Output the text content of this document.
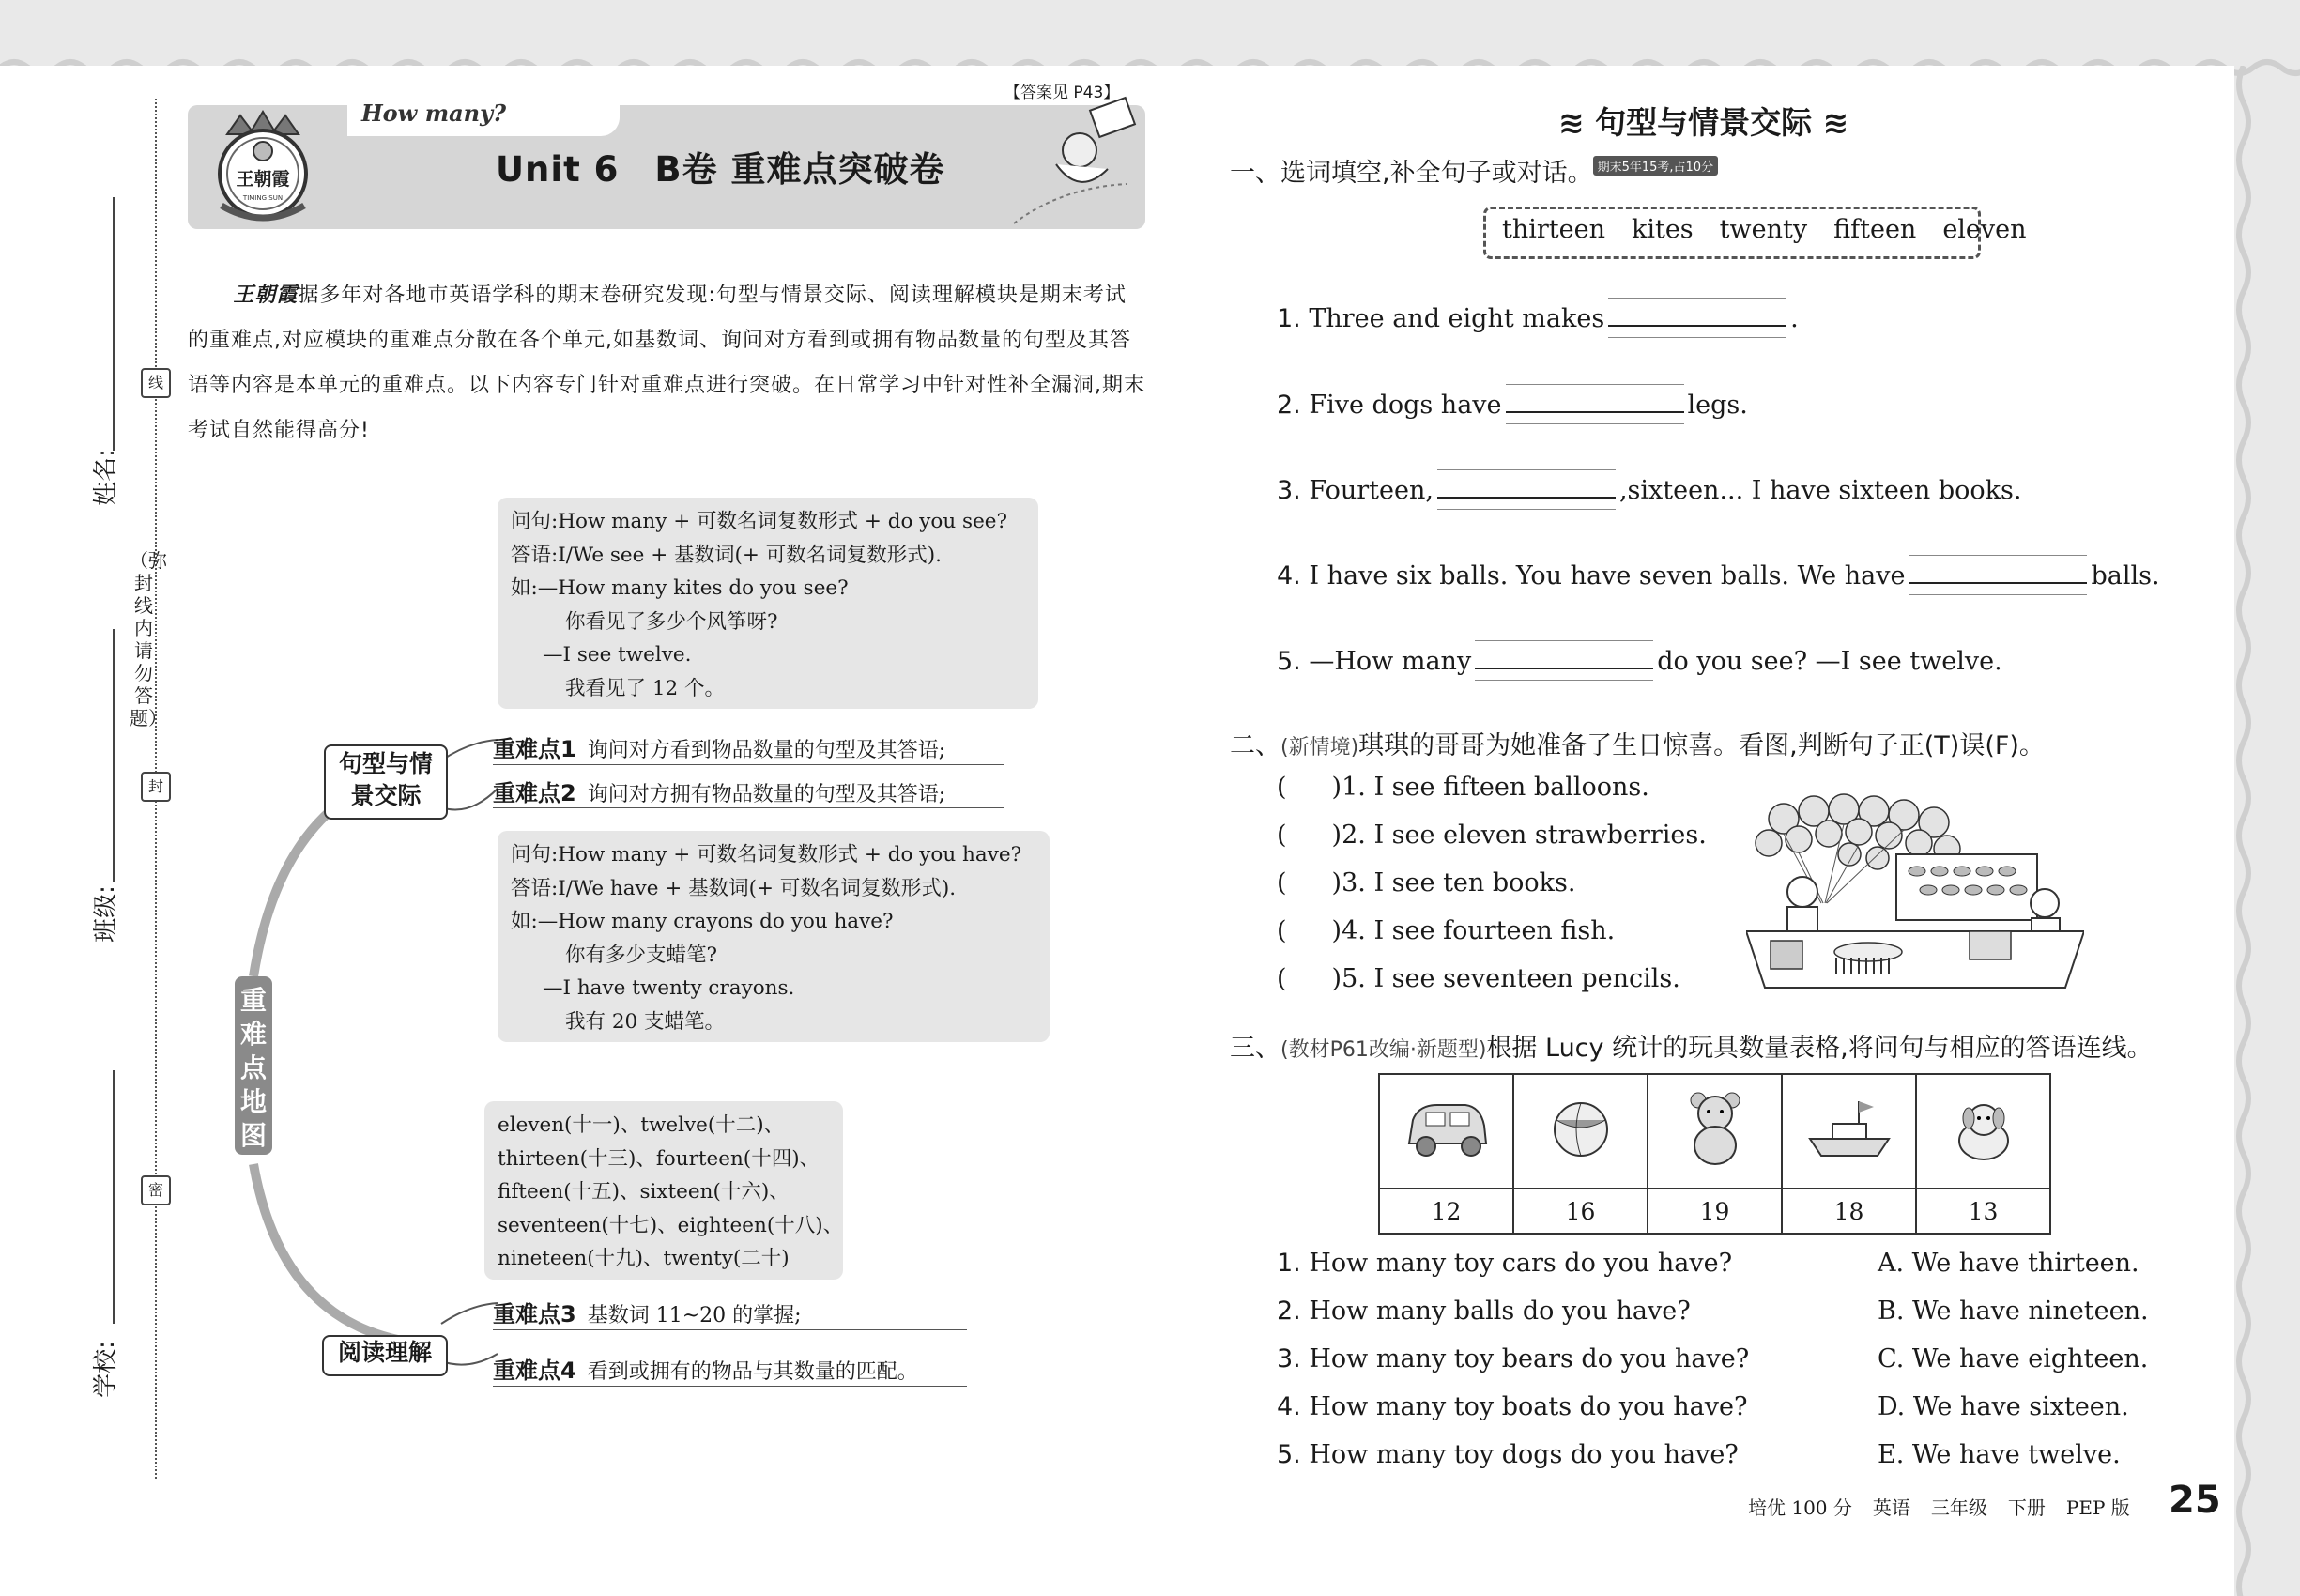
姓名:
班级:
学校:
线
封
密
（弥封线内请勿答题）
【答案见 P43】
How many?
王朝霞
TIMING SUN
Unit 6　B卷 重难点突破卷
王朝霞据多年对各地市英语学科的期末卷研究发现:句型与情景交际、阅读理解模块是期末考试的重难点,对应模块的重难点分散在各个单元,如基数词、询问对方看到或拥有物品数量的句型及其答语等内容是本单元的重难点。以下内容专门针对重难点进行突破。在日常学习中针对性补全漏洞,期末考试自然能得高分!

问句:How many + 可数名词复数形式 + do you see?

答语:I/We see + 基数词(+ 可数名词复数形式).

如:—How many kites do you see?

你看见了多少个风筝呀?

—I see twelve.

我看见了 12 个。

句型与情景交际
重难点1 询问对方看到物品数量的句型及其答语;
重难点2 询问对方拥有物品数量的句型及其答语;

问句:How many + 可数名词复数形式 + do you have?

答语:I/We have + 基数词(+ 可数名词复数形式).

如:—How many crayons do you have?

你有多少支蜡笔?

—I have twenty crayons.

我有 20 支蜡笔。

重难点地图	eleven(十一)、twelve(十二)、

thirteen(十三)、fourteen(十四)、

fifteen(十五)、sixteen(十六)、

seventeen(十七)、eighteen(十八)、

nineteen(十九)、twenty(二十)

阅读理解
重难点3 基数词 11~20 的掌握;
重难点4 看到或拥有的物品与其数量的匹配。
≋ 句型与情景交际 ≋
一、选词填空,补全句子或对话。 期末5年15考,占10分
thirteen kites twenty fifteen eleven
1. Three and eight makes	.
2. Five dogs have	legs.
3. Fourteen,	,sixteen... I have sixteen books.
4. I have six balls. You have seven balls. We have	balls.
5. —How many	do you see? —I see twelve.
二、(新情境)琪琪的哥哥为她准备了生日惊喜。看图,判断句子正(T)误(F)。
( )1. I see fifteen balloons.
( )2. I see eleven strawberries.
( )3. I see ten books.
( )4. I see fourteen fish.
( )5. I see seventeen pencils.
三、(教材P61改编·新题型)根据 Lucy 统计的玩具数量表格,将问句与相应的答语连线。

12	16	19	18	13
1. How many toy cars do you have?
2. How many balls do you have?
3. How many toy bears do you have?
4. How many toy boats do you have?
5. How many toy dogs do you have?
A. We have thirteen.
B. We have nineteen.
C. We have eighteen.
D. We have sixteen.
E. We have twelve.
培优 100 分 英语 三年级 下册 PEP 版	25
